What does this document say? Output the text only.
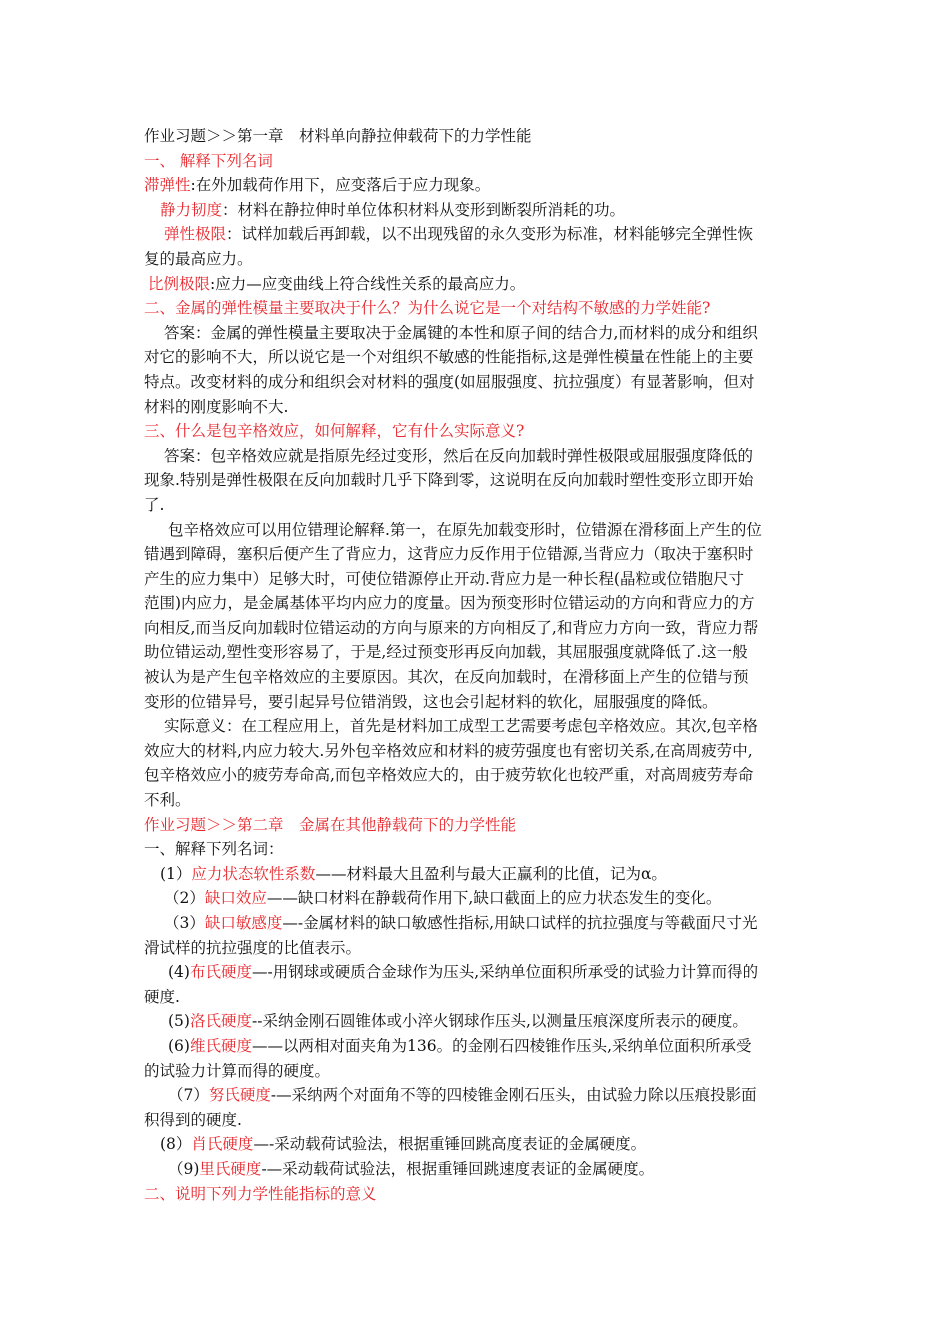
作业习题＞＞第一章　材料单向静拉伸载荷下的力学性能
一、 解释下列名词
滞弹性:在外加载荷作用下，应变落后于应力现象。
静力韧度：材料在静拉伸时单位体积材料从变形到断裂所消耗的功。
弹性极限：试样加载后再卸载，以不出现残留的永久变形为标准，材料能够完全弹性恢
复的最高应力。
比例极限:应力—应变曲线上符合线性关系的最高应力。
二、金属的弹性模量主要取决于什么？为什么说它是一个对结构不敏感的力学姓能?
答案：金属的弹性模量主要取决于金属键的本性和原子间的结合力,而材料的成分和组织
对它的影响不大，所以说它是一个对组织不敏感的性能指标,这是弹性模量在性能上的主要
特点。改变材料的成分和组织会对材料的强度(如屈服强度、抗拉强度）有显著影响，但对
材料的刚度影响不大.
三、什么是包辛格效应，如何解释，它有什么实际意义?
答案：包辛格效应就是指原先经过变形，然后在反向加载时弹性极限或屈服强度降低的
现象.特别是弹性极限在反向加载时几乎下降到零，这说明在反向加载时塑性变形立即开始
了.
包辛格效应可以用位错理论解释.第一，在原先加载变形时，位错源在滑移面上产生的位
错遇到障碍，塞积后便产生了背应力，这背应力反作用于位错源,当背应力（取决于塞积时
产生的应力集中）足够大时，可使位错源停止开动.背应力是一种长程(晶粒或位错胞尺寸
范围)内应力，是金属基体平均内应力的度量。因为预变形时位错运动的方向和背应力的方
向相反,而当反向加载时位错运动的方向与原来的方向相反了,和背应力方向一致，背应力帮
助位错运动,塑性变形容易了，于是,经过预变形再反向加载，其屈服强度就降低了.这一般
被认为是产生包辛格效应的主要原因。其次，在反向加载时，在滑移面上产生的位错与预
变形的位错异号，要引起异号位错消毁，这也会引起材料的软化，屈服强度的降低。
实际意义：在工程应用上，首先是材料加工成型工艺需要考虑包辛格效应。其次,包辛格
效应大的材料,内应力较大.另外包辛格效应和材料的疲劳强度也有密切关系,在高周疲劳中,
包辛格效应小的疲劳寿命高,而包辛格效应大的，由于疲劳软化也较严重，对高周疲劳寿命
不利。
作业习题＞＞第二章　金属在其他静载荷下的力学性能
一、解释下列名词：
(1）应力状态软性系数——材料最大且盈利与最大正赢利的比值，记为α。
（2）缺口效应——缺口材料在静载荷作用下,缺口截面上的应力状态发生的变化。
（3）缺口敏感度—-金属材料的缺口敏感性指标,用缺口试样的抗拉强度与等截面尺寸光
滑试样的抗拉强度的比值表示。
(4)布氏硬度—-用钢球或硬质合金球作为压头,采纳单位面积所承受的试验力计算而得的
硬度.
(5)洛氏硬度--采纳金刚石圆锥体或小淬火钢球作压头,以测量压痕深度所表示的硬度。
(6)维氏硬度——以两相对面夹角为136。的金刚石四棱锥作压头,采纳单位面积所承受
的试验力计算而得的硬度。
（7）努氏硬度-—采纳两个对面角不等的四棱锥金刚石压头，由试验力除以压痕投影面
积得到的硬度.
(8）肖氏硬度—-采动载荷试验法，根据重锤回跳高度表证的金属硬度。
（9)里氏硬度-—采动载荷试验法，根据重锤回跳速度表证的金属硬度。
二、说明下列力学性能指标的意义
